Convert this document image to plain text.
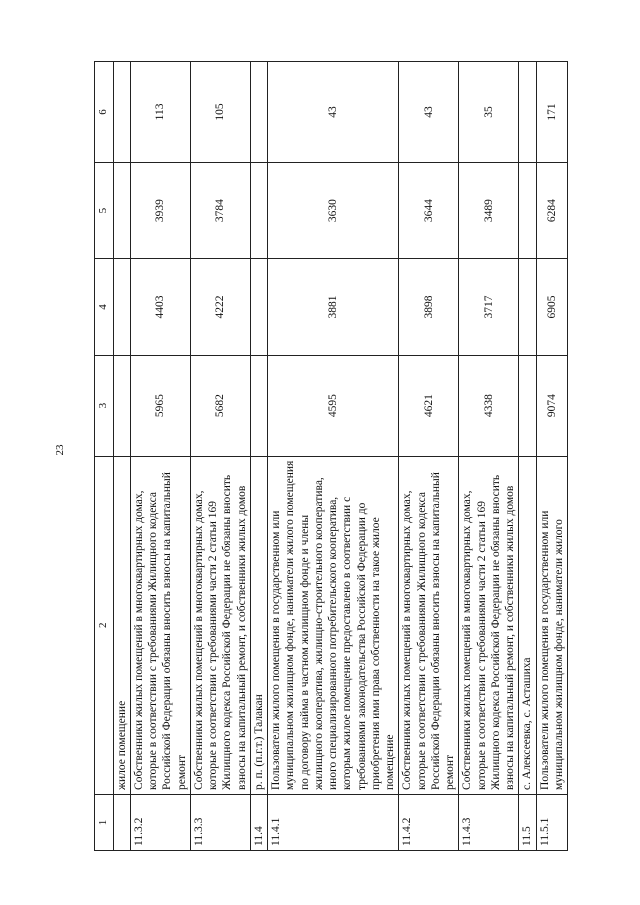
23
1	2	3	4	5	6
	жилое помещение				
11.3.2	Собственники жилых помещений в многоквартирных домах, которые в соответствии с требованиями Жилищного кодекса Российской Федерации обязаны вносить взносы на капитальный ремонт	5965	4403	3939	113
11.3.3	Собственники жилых помещений в многоквартирных домах, которые в соответствии с требованиями части 2 статьи 169 Жилищного кодекса Российской Федерации не обязаны вносить взносы на капитальный ремонт, и собственники жилых домов	5682	4222	3784	105
11.4	р. п. (п.г.т.) Талакан				
11.4.1	Пользователи жилого помещения в государственном или муниципальном жилищном фонде, наниматели жилого помещения по договору найма в частном жилищном фонде и члены жилищного кооператива, жилищно-строительного кооператива, иного специализированного потребительского кооператива, которым жилое помещение предоставлено в соответствии с требованиями законодательства Российской Федерации до приобретения ими права собственности на такое жилое помещение	4595	3881	3630	43
11.4.2	Собственники жилых помещений в многоквартирных домах, которые в соответствии с требованиями Жилищного кодекса Российской Федерации обязаны вносить взносы на капитальный ремонт	4621	3898	3644	43
11.4.3	Собственники жилых помещений в многоквартирных домах, которые в соответствии с требованиями части 2 статьи 169 Жилищного кодекса Российской Федерации не обязаны вносить взносы на капитальный ремонт, и собственники жилых домов	4338	3717	3489	35
11.5	с. Алексеевка, с. Асташиха				
11.5.1	Пользователи жилого помещения в государственном или муниципальном жилищном фонде, наниматели жилого	9074	6905	6284	171
